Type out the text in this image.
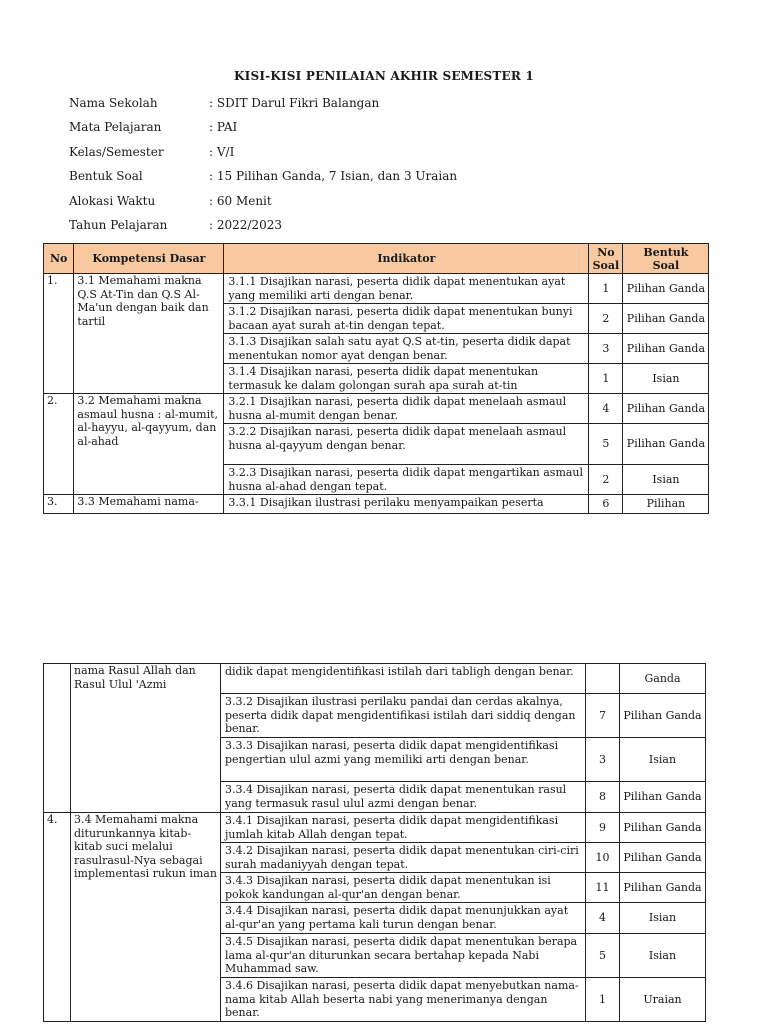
KISI-KISI PENILAIAN AKHIR SEMESTER 1
Nama Sekolah	: SDIT Darul Fikri Balangan
Mata Pelajaran	: PAI
Kelas/Semester	: V/I
Bentuk Soal	: 15 Pilihan Ganda, 7 Isian, dan 3 Uraian
Alokasi Waktu	: 60 Menit
Tahun Pelajaran	: 2022/2023
No	Kompetensi Dasar	Indikator	No Soal	Bentuk Soal
1.	3.1 Memahami makna Q.S At-Tin dan Q.S Al-Ma'un dengan baik dan tartil	3.1.1 Disajikan narasi, peserta didik dapat menentukan ayat yang memiliki arti dengan benar.	1	Pilihan Ganda
		3.1.2 Disajikan narasi, peserta didik dapat menentukan bunyi bacaan ayat surah at-tin dengan tepat.	2	Pilihan Ganda
		3.1.3 Disajikan salah satu ayat Q.S at-tin, peserta didik dapat menentukan nomor ayat dengan benar.	3	Pilihan Ganda
		3.1.4 Disajikan narasi, peserta didik dapat menentukan termasuk ke dalam golongan surah apa surah at-tin	1	Isian
2.	3.2 Memahami makna asmaul husna : al-mumit, al-hayyu, al-qayyum, dan al-ahad	3.2.1 Disajikan narasi, peserta didik dapat menelaah asmaul husna al-mumit dengan benar.	4	Pilihan Ganda
		3.2.2 Disajikan narasi, peserta didik dapat menelaah asmaul husna al-qayyum dengan benar.	5	Pilihan Ganda
		3.2.3 Disajikan narasi, peserta didik dapat mengartikan asmaul husna al-ahad dengan tepat.	2	Isian
3.	3.3 Memahami nama-	3.3.1 Disajikan ilustrasi perilaku menyampaikan peserta	6	Pilihan
	nama Rasul Allah dan Rasul Ulul 'Azmi	didik dapat mengidentifikasi istilah dari tabligh dengan benar.		Ganda
		3.3.2 Disajikan ilustrasi perilaku pandai dan cerdas akalnya, peserta didik dapat mengidentifikasi istilah dari siddiq dengan benar.	7	Pilihan Ganda
		3.3.3 Disajikan narasi, peserta didik dapat mengidentifikasi pengertian ulul azmi yang memiliki arti dengan benar.	3	Isian
		3.3.4 Disajikan narasi, peserta didik dapat menentukan rasul yang termasuk rasul ulul azmi dengan benar.	8	Pilihan Ganda
4.	3.4 Memahami makna diturunkannya kitab-kitab suci melalui rasulrasul-Nya sebagai implementasi rukun iman	3.4.1 Disajikan narasi, peserta didik dapat mengidentifikasi jumlah kitab Allah dengan tepat.	9	Pilihan Ganda
		3.4.2 Disajikan narasi, peserta didik dapat menentukan ciri-ciri surah madaniyyah dengan tepat.	10	Pilihan Ganda
		3.4.3 Disajikan narasi, peserta didik dapat menentukan isi pokok kandungan al-qur'an dengan benar.	11	Pilihan Ganda
		3.4.4 Disajikan narasi, peserta didik dapat menunjukkan ayat al-qur'an yang pertama kali turun dengan benar.	4	Isian
		3.4.5 Disajikan narasi, peserta didik dapat menentukan berapa lama al-qur'an diturunkan secara bertahap kepada Nabi Muhammad saw.	5	Isian
		3.4.6 Disajikan narasi, peserta didik dapat menyebutkan nama-nama kitab Allah beserta nabi yang menerimanya dengan benar.	1	Uraian
